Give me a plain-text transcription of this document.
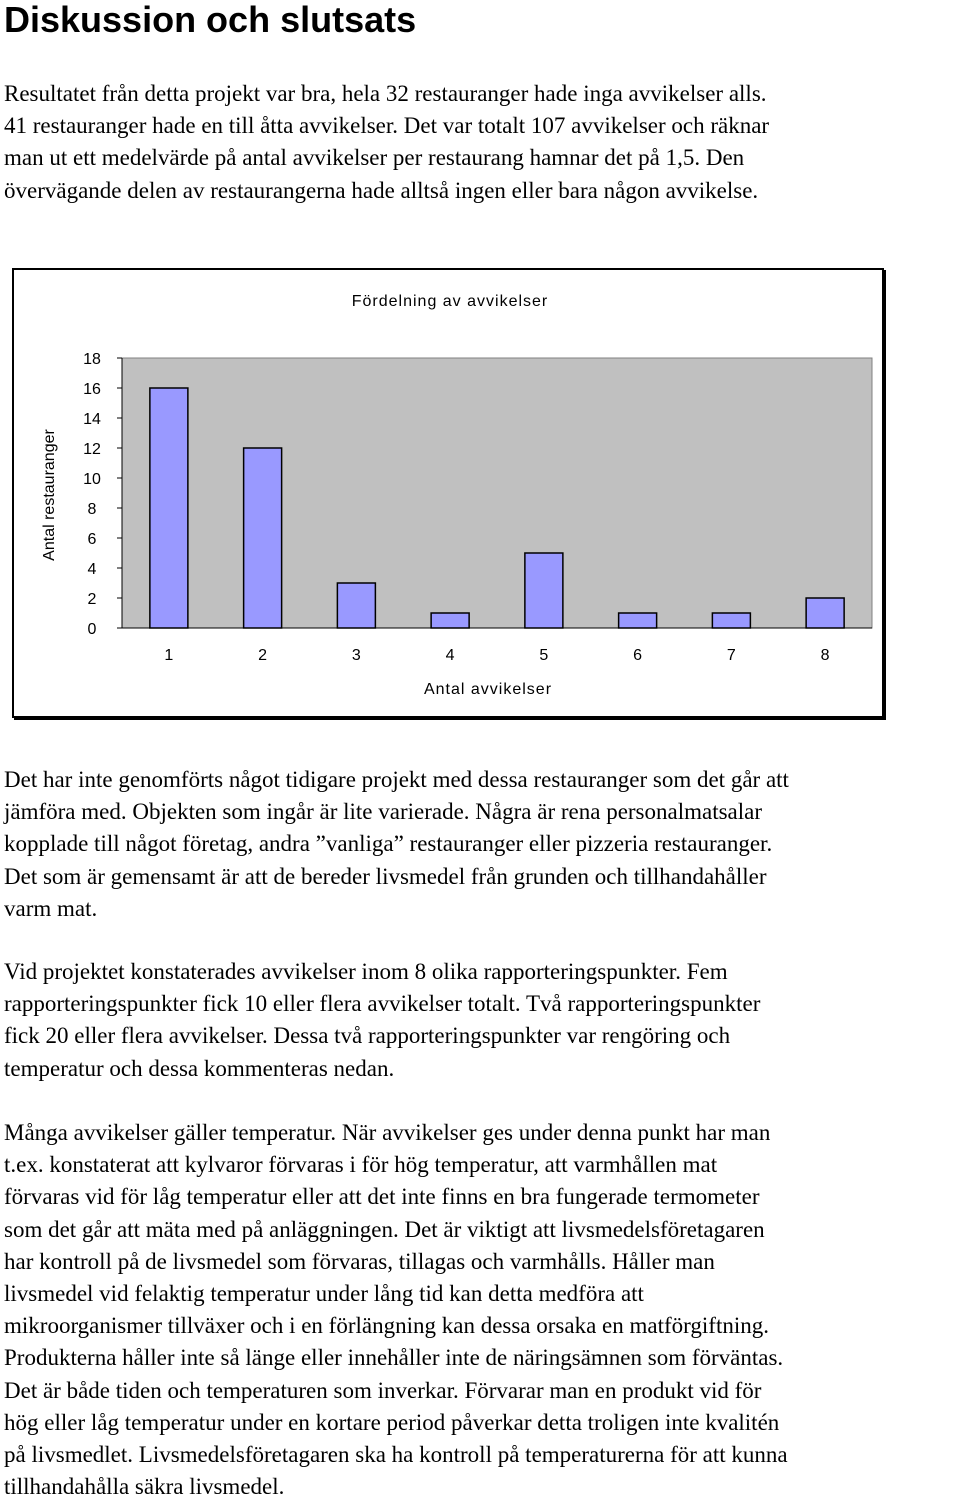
Diskussion och slutsats

Resultatet från detta projekt var bra, hela 32 restauranger hade inga avvikelser alls.
41 restauranger hade en till åtta avvikelser. Det var totalt 107 avvikelser och räknar
man ut ett medelvärde på antal avvikelser per restaurang hamnar det på 1,5. Den
övervägande delen av restaurangerna hade alltså ingen eller bara någon avvikelse.

Fördelning av avvikelser
Antal restauranger
Antal avvikelser
0
2
4
6
8
10
12
14
16
18
1	2	3	4	5	6	7	8

Det har inte genomförts något tidigare projekt med dessa restauranger som det går att
jämföra med. Objekten som ingår är lite varierade. Några är rena personalmatsalar
kopplade till något företag, andra ”vanliga” restauranger eller pizzeria restauranger.
Det som är gemensamt är att de bereder livsmedel från grunden och tillhandahåller
varm mat.

Vid projektet konstaterades avvikelser inom 8 olika rapporteringspunkter. Fem
rapporteringspunkter fick 10 eller flera avvikelser totalt. Två rapporteringspunkter
fick 20 eller flera avvikelser. Dessa två rapporteringspunkter var rengöring och
temperatur och dessa kommenteras nedan.

Många avvikelser gäller temperatur. När avvikelser ges under denna punkt har man
t.ex. konstaterat att kylvaror förvaras i för hög temperatur, att varmhållen mat
förvaras vid för låg temperatur eller att det inte finns en bra fungerade termometer
som det går att mäta med på anläggningen. Det är viktigt att livsmedelsföretagaren
har kontroll på de livsmedel som förvaras, tillagas och varmhålls. Håller man
livsmedel vid felaktig temperatur under lång tid kan detta medföra att
mikroorganismer tillväxer och i en förlängning kan dessa orsaka en matförgiftning.
Produkterna håller inte så länge eller innehåller inte de näringsämnen som förväntas.
Det är både tiden och temperaturen som inverkar. Förvarar man en produkt vid för
hög eller låg temperatur under en kortare period påverkar detta troligen inte kvalitén
på livsmedlet. Livsmedelsföretagaren ska ha kontroll på temperaturerna för att kunna
tillhandahålla säkra livsmedel.
